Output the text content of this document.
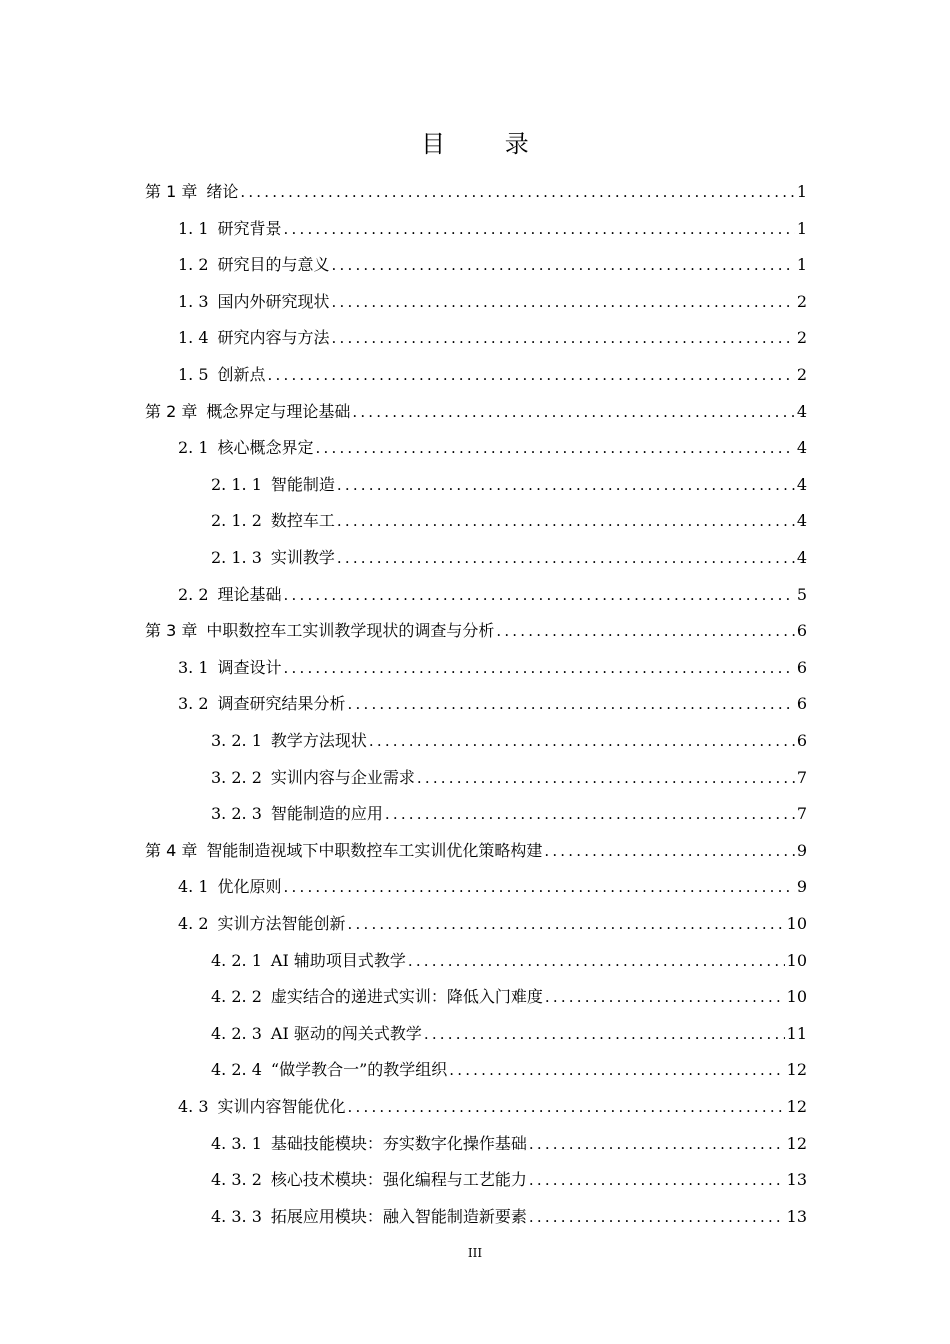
目 录
第 1 章 绪论 .....	1
1. 1 研究背景 .....	1
1. 2 研究目的与意义 .....	1
1. 3 国内外研究现状 .....	2
1. 4 研究内容与方法 .....	2
1. 5 创新点 .....	2
第 2 章 概念界定与理论基础 .....	4
2. 1 核心概念界定 .....	4
2. 1. 1 智能制造 .....	4
2. 1. 2 数控车工 .....	4
2. 1. 3 实训教学 .....	4
2. 2 理论基础 .....	5
第 3 章 中职数控车工实训教学现状的调查与分析 .....	6
3. 1 调查设计 .....	6
3. 2 调查研究结果分析 .....	6
3. 2. 1 教学方法现状 .....	6
3. 2. 2 实训内容与企业需求 .....	7
3. 2. 3 智能制造的应用 .....	7
第 4 章 智能制造视域下中职数控车工实训优化策略构建 .....	9
4. 1 优化原则 .....	9
4. 2 实训方法智能创新 .....	10
4. 2. 1 AI 辅助项目式教学 .....	10
4. 2. 2 虚实结合的递进式实训：降低入门难度 .....	10
4. 2. 3 AI 驱动的闯关式教学 .....	11
4. 2. 4 “做学教合一”的教学组织 .....	12
4. 3 实训内容智能优化 .....	12
4. 3. 1 基础技能模块：夯实数字化操作基础 .....	12
4. 3. 2 核心技术模块：强化编程与工艺能力 .....	13
4. 3. 3 拓展应用模块：融入智能制造新要素 .....	13
III
